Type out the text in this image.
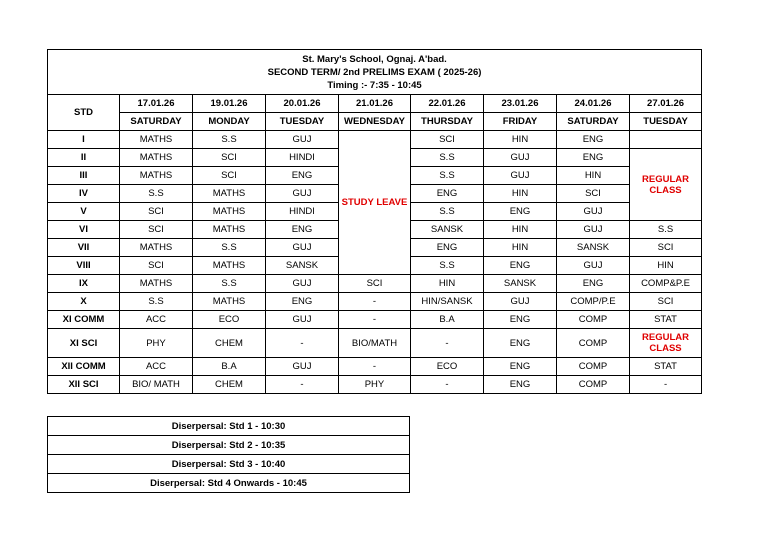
St. Mary's School, Ognaj. A'bad.
SECOND TERM/ 2nd PRELIMS EXAM ( 2025-26)
Timing :- 7:35 - 10:45								

STD	17.01.26	19.01.26	20.01.26	21.01.26	22.01.26	23.01.26	24.01.26	27.01.26
	SATURDAY	MONDAY	TUESDAY	WEDNESDAY	THURSDAY	FRIDAY	SATURDAY	TUESDAY
I	MATHS	S.S	GUJ	STUDY LEAVE	SCI	HIN	ENG	
II	MATHS	SCI	HINDI		S.S	GUJ	ENG	REGULAR CLASS
III	MATHS	SCI	ENG		S.S	GUJ	HIN	
IV	S.S	MATHS	GUJ		ENG	HIN	SCI	
V	SCI	MATHS	HINDI		S.S	ENG	GUJ	
VI	SCI	MATHS	ENG		SANSK	HIN	GUJ	S.S
VII	MATHS	S.S	GUJ		ENG	HIN	SANSK	SCI
VIII	SCI	MATHS	SANSK		S.S	ENG	GUJ	HIN
IX	MATHS	S.S	GUJ	SCI	HIN	SANSK	ENG	COMP&P.E
X	S.S	MATHS	ENG	-	HIN/SANSK	GUJ	COMP/P.E	SCI
XI COMM	ACC	ECO	GUJ	-	B.A	ENG	COMP	STAT
XI SCI	PHY	CHEM	-	BIO/MATH	-	ENG	COMP	REGULAR CLASS
XII COMM	ACC	B.A	GUJ	-	ECO	ENG	COMP	STAT
XII SCI	BIO/ MATH	CHEM	-	PHY	-	ENG	COMP	-
Diserpersal: Std 1 - 10:30
Diserpersal: Std 2 - 10:35
Diserpersal: Std 3 - 10:40
Diserpersal: Std 4 Onwards - 10:45
